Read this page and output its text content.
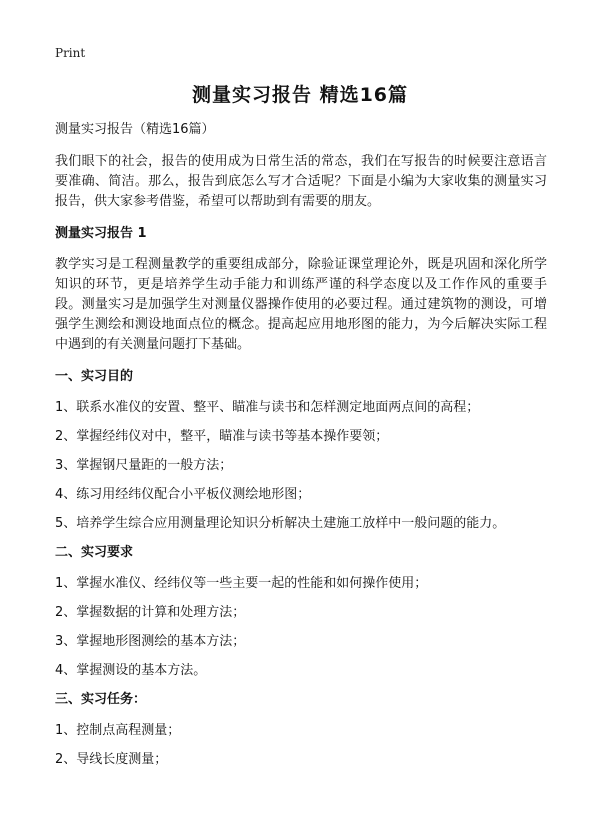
Print
测量实习报告 精选16篇

测量实习报告（精选16篇）

我们眼下的社会，报告的使用成为日常生活的常态，我们在写报告的时候要注意语言要准确、简洁。那么，报告到底怎么写才合适呢？下面是小编为大家收集的测量实习报告，供大家参考借鉴，希望可以帮助到有需要的朋友。

测量实习报告 1

教学实习是工程测量教学的重要组成部分，除验证课堂理论外，既是巩固和深化所学知识的环节，更是培养学生动手能力和训练严谨的科学态度以及工作作风的重要手段。测量实习是加强学生对测量仪器操作使用的必要过程。通过建筑物的测设，可增强学生测绘和测设地面点位的概念。提高起应用地形图的能力，为今后解决实际工程中遇到的有关测量问题打下基础。

一、实习目的

1、联系水准仪的安置、整平、瞄准与读书和怎样测定地面两点间的高程；

2、掌握经纬仪对中，整平，瞄准与读书等基本操作要领；

3、掌握钢尺量距的一般方法；

4、练习用经纬仪配合小平板仪测绘地形图；

5、培养学生综合应用测量理论知识分析解决土建施工放样中一般问题的能力。

二、实习要求

1、掌握水准仪、经纬仪等一些主要一起的性能和如何操作使用；

2、掌握数据的计算和处理方法；

3、掌握地形图测绘的基本方法；

4、掌握测设的基本方法。

三、实习任务：

1、控制点高程测量；

2、导线长度测量；
